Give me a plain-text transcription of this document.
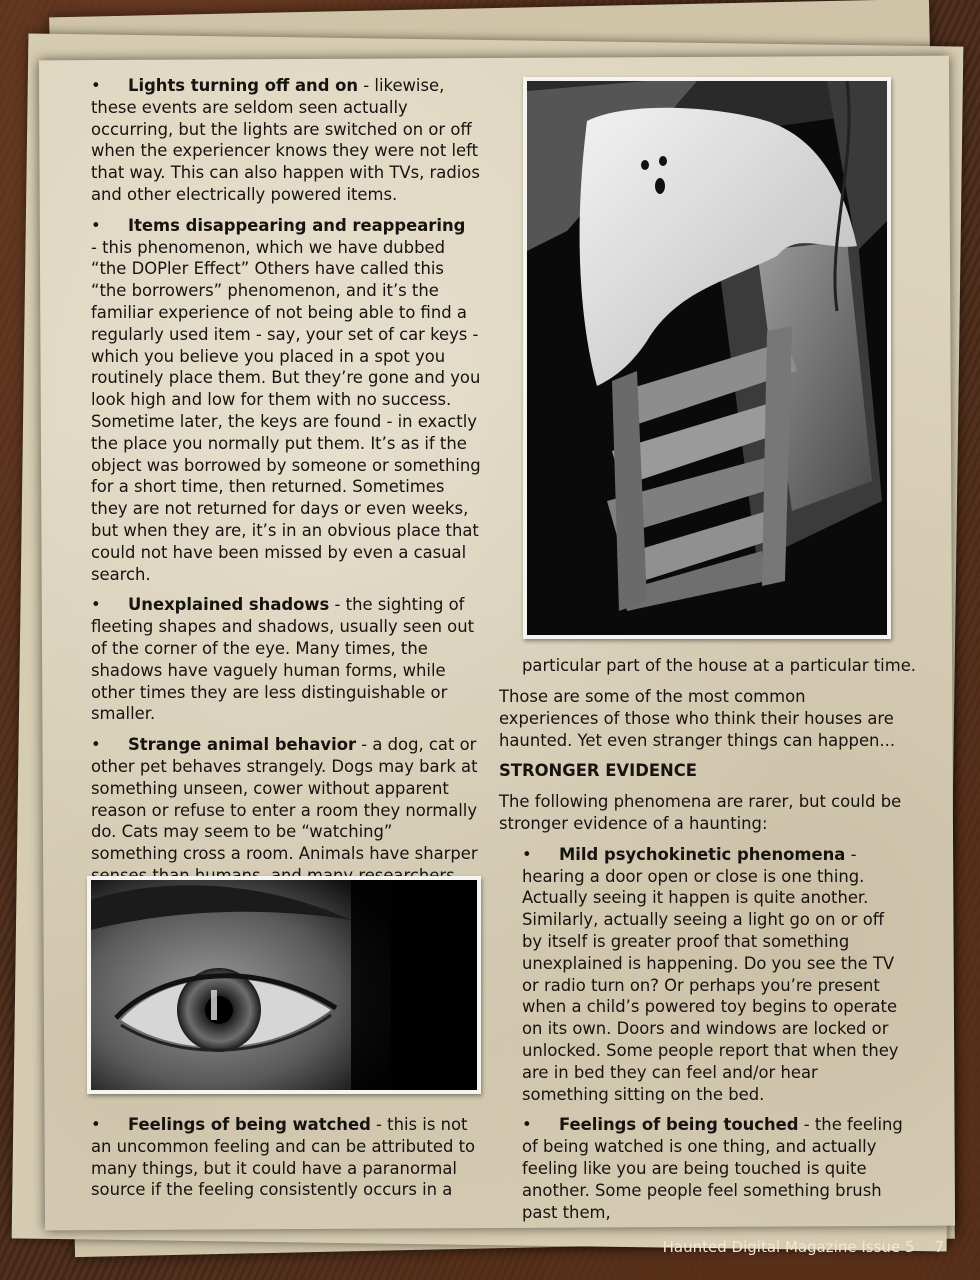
• Lights turning off and on - likewise, these events are seldom seen actually occurring, but the lights are switched on or off when the experiencer knows they were not left that way. This can also happen with TVs, radios and other electrically powered items.

• Items disappearing and reappearing
- this phenomenon, which we have dubbed “the DOPler Effect” Others have called this “the borrowers” phenomenon, and it’s the familiar experience of not being able to find a regularly used item - say, your set of car keys - which you believe you placed in a spot you routinely place them. But they’re gone and you look high and low for them with no success. Sometime later, the keys are found - in exactly the place you normally put them. It’s as if the object was borrowed by someone or something for a short time, then returned. Sometimes they are not returned for days or even weeks, but when they are, it’s in an obvious place that could not have been missed by even a casual search.

• Unexplained shadows - the sighting of fleeting shapes and shadows, usually seen out of the corner of the eye. Many times, the shadows have vaguely human forms, while other times they are less distinguishable or smaller.

• Strange animal behavior - a dog, cat or other pet behaves strangely. Dogs may bark at something unseen, cower without apparent reason or refuse to enter a room they normally do. Cats may seem to be “watching” something cross a room. Animals have sharper

particular part of the house at a particular time.

Those are some of the most common experiences of those who think their houses are haunted. Yet even stranger things can happen...

STRONGER EVIDENCE

The following phenomena are rarer, but could be stronger evidence of a haunting:

• Mild psychokinetic phenomena - hearing a door open or close is one thing. Actually seeing it happen is quite another. Similarly, actually seeing a light go on or off by itself is greater proof that something unexplained is happening. Do you see the TV or radio turn on? Or perhaps you’re present when a child’s powered toy begins to operate on its own. Doors and windows are locked or unlocked. Some people report that when they are in bed they can feel and/or hear something sitting on the bed.

• Feelings of being touched - the feeling of being watched is one thing, and actually feeling like you are being touched is quite another. Some people feel something brush past them,

• Feelings of being watched - this is not an uncommon feeling and can be attributed to many things, but it could have a paranormal source if the feeling consistently occurs in a
Haunted Digital Magazine Issue 5 7
